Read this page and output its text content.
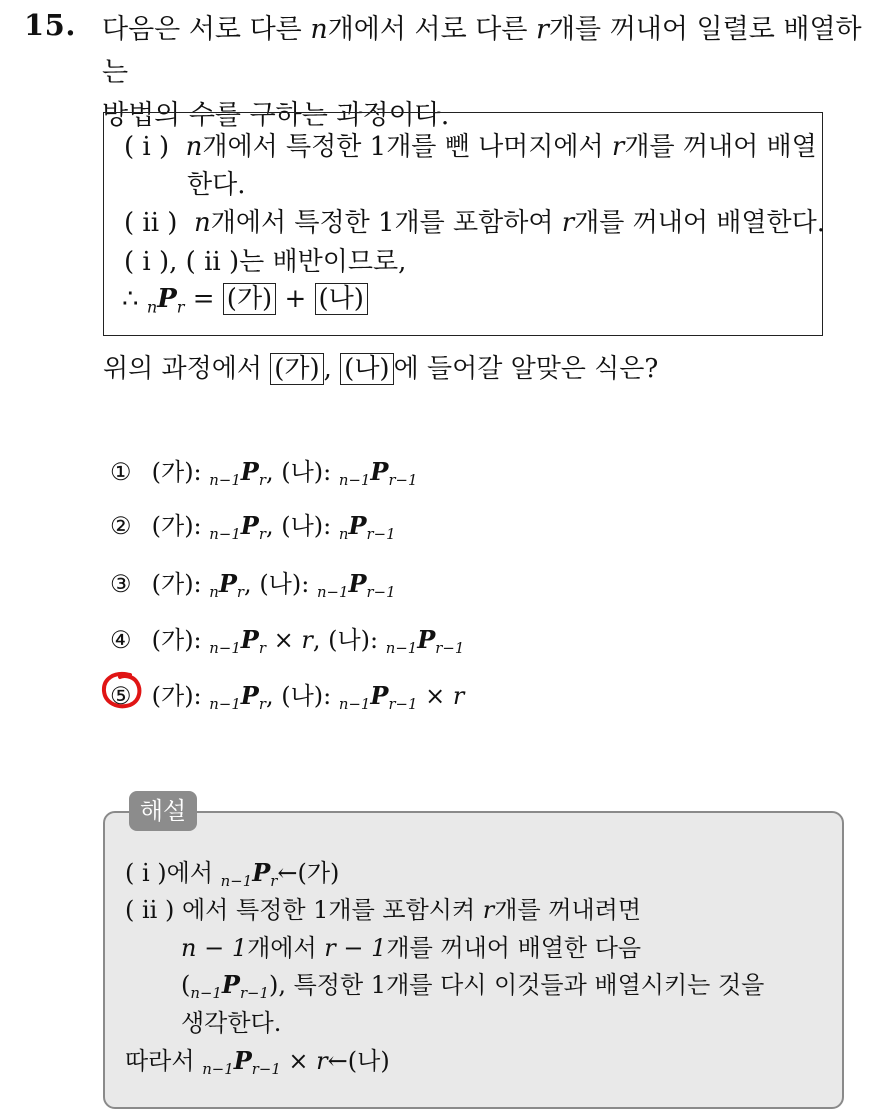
15. 다음은 서로 다른 n개에서 서로 다른 r개를 꺼내어 일렬로 배열하는
방법의 수를 구하는 과정이다.
( i ) n개에서 특정한 1개를 뺀 나머지에서 r개를 꺼내어 배열
한다.
( ii ) n개에서 특정한 1개를 포함하여 r개를 꺼내어 배열한다.
( i ), ( ii )는 배반이므로,
∴ $_nP_r$ = (가) + (나)
위의 과정에서 (가) , (나) 에 들어갈 알맞은 식은?
① (가): $_{n-1}P_r$, (나): $_{n-1}P_{r-1}$
② (가): $_{n-1}P_r$, (나): $_nP_{r-1}$
③ (가): $_nP_r$, (나): $_{n-1}P_{r-1}$
④ (가): $_{n-1}P_r \times r$, (나): $_{n-1}P_{r-1}$
⑤ (가): $_{n-1}P_r$, (나): $_{n-1}P_{r-1} \times r$
( i )에서 $_{n-1}P_r\leftarrow$(가)
( ii ) 에서 특정한 1개를 포함시켜 r개를 꺼내려면
n − 1개에서 r − 1개를 꺼내어 배열한 다음
$(_{n-1}P_{r-1})$, 특정한 1개를 다시 이것들과 배열시키는 것을
생각한다.
따라서 $_{n-1}P_{r-1}$ × r←(나)
해설
